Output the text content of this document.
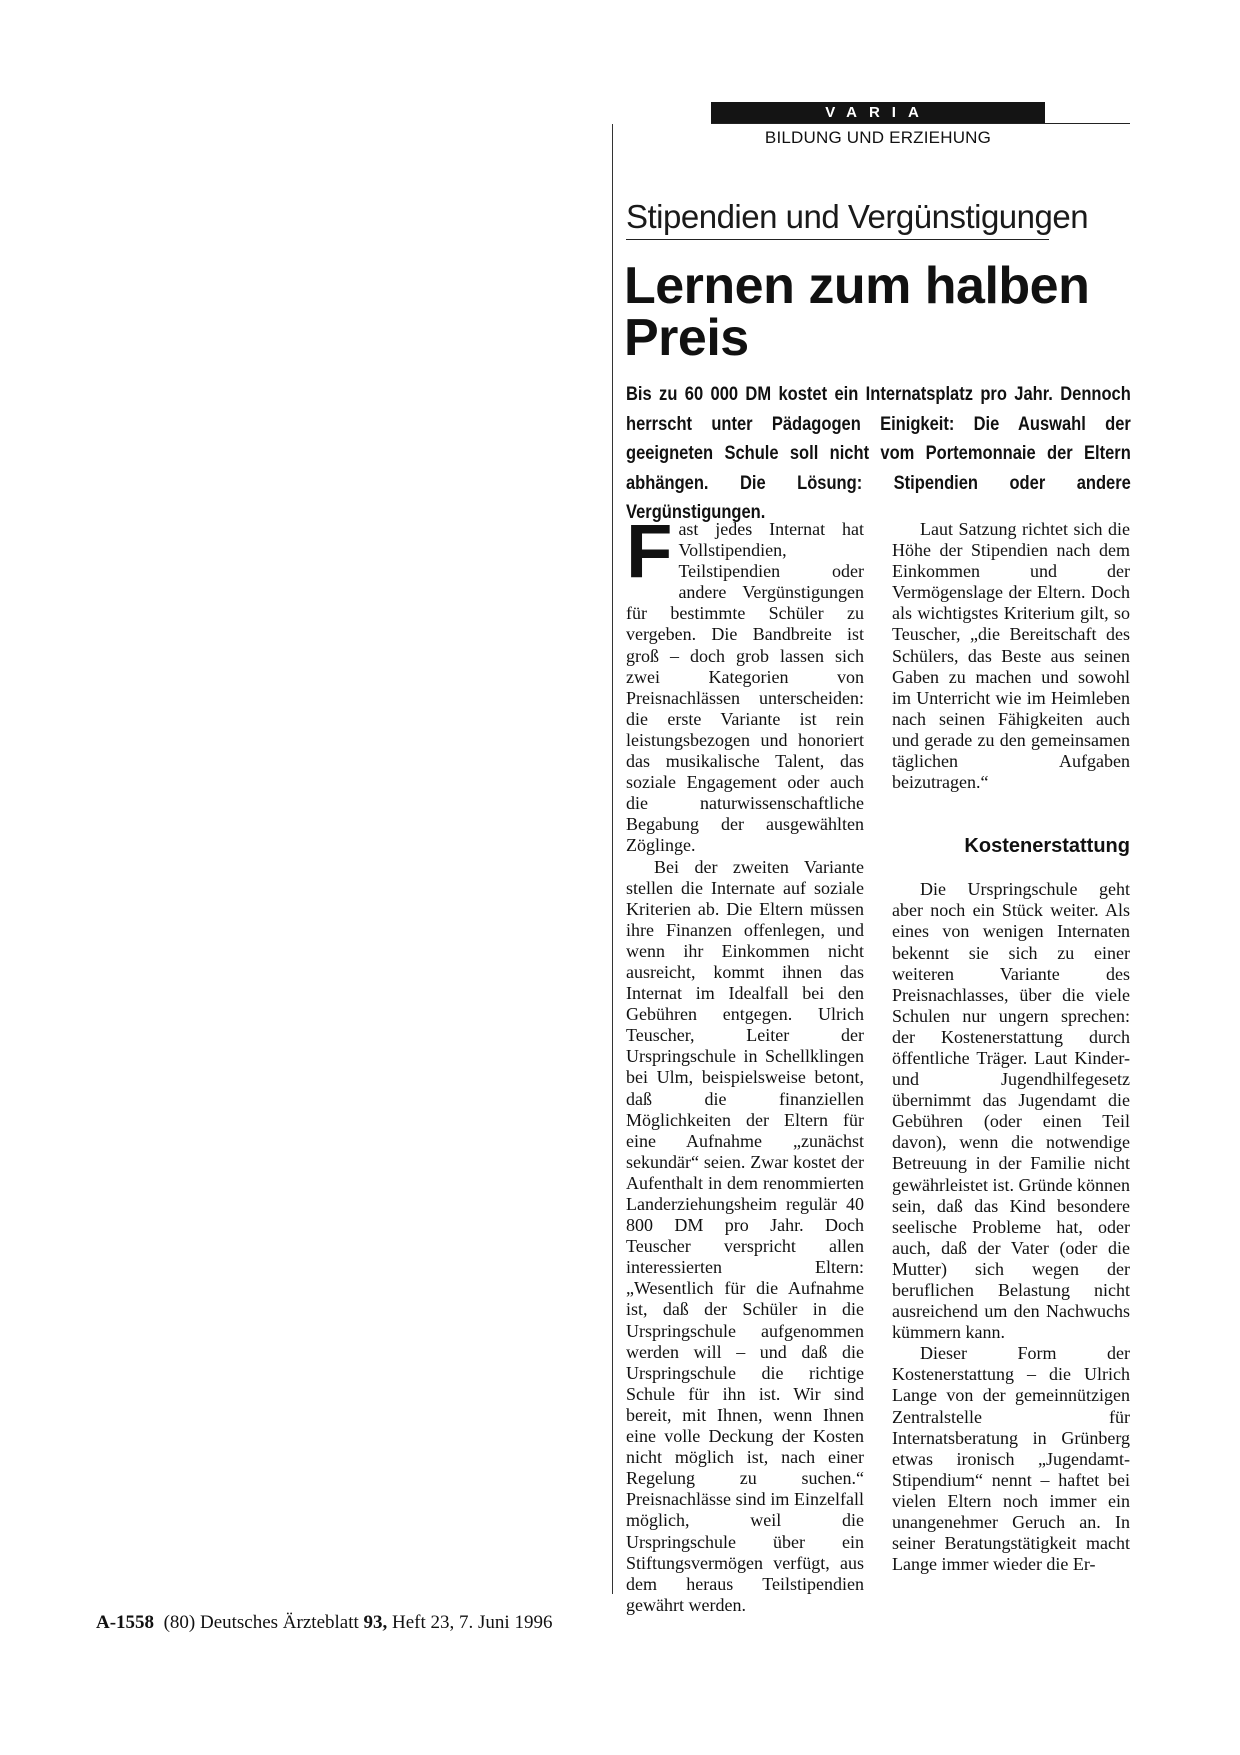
VARIA
BILDUNG UND ERZIEHUNG
Stipendien und Vergünstigungen
Lernen zum halben
Preis
Bis zu 60 000 DM kostet ein Internatsplatz pro Jahr. Dennoch herrscht unter Pädagogen Einigkeit: Die Auswahl der geeigneten Schule soll nicht vom Portemonnaie der Eltern abhängen. Die Lösung: Stipendien oder andere Vergünstigungen.

Fast jedes Internat hat Vollstipendien, Teilstipendien oder andere Vergünstigungen für bestimmte Schüler zu vergeben. Die Bandbreite ist groß – doch grob lassen sich zwei Kategorien von Preisnachlässen unterscheiden: die erste Variante ist rein leistungsbezogen und honoriert das musikalische Talent, das soziale Engagement oder auch die naturwissenschaftliche Begabung der ausgewählten Zöglinge.

Bei der zweiten Variante stellen die Internate auf soziale Kriterien ab. Die Eltern müssen ihre Finanzen offenlegen, und wenn ihr Einkommen nicht ausreicht, kommt ihnen das Internat im Idealfall bei den Gebühren entgegen. Ulrich Teuscher, Leiter der Urspringschule in Schellklingen bei Ulm, beispielsweise betont, daß die finanziellen Möglichkeiten der Eltern für eine Aufnahme „zunächst sekundär“ seien. Zwar kostet der Aufenthalt in dem renommierten Landerziehungsheim regulär 40 800 DM pro Jahr. Doch Teuscher verspricht allen interessierten Eltern: „Wesentlich für die Aufnahme ist, daß der Schüler in die Urspringschule aufgenommen werden will – und daß die Urspringschule die richtige Schule für ihn ist. Wir sind bereit, mit Ihnen, wenn Ihnen eine volle Deckung der Kosten nicht möglich ist, nach einer Regelung zu suchen.“ Preisnachlässe sind im Einzelfall möglich, weil die Urspringschule über ein Stiftungsvermögen verfügt, aus dem heraus Teilstipendien gewährt werden.

Laut Satzung richtet sich die Höhe der Stipendien nach dem Einkommen und der Vermögenslage der Eltern. Doch als wichtigstes Kriterium gilt, so Teuscher, „die Bereitschaft des Schülers, das Beste aus seinen Gaben zu machen und sowohl im Unterricht wie im Heimleben nach seinen Fähigkeiten auch und gerade zu den gemeinsamen täglichen Aufgaben beizutragen.“

Kostenerstattung

Die Urspringschule geht aber noch ein Stück weiter. Als eines von wenigen Internaten bekennt sie sich zu einer weiteren Variante des Preisnachlasses, über die viele Schulen nur ungern sprechen: der Kostenerstattung durch öffentliche Träger. Laut Kinder- und Jugendhilfegesetz übernimmt das Jugendamt die Gebühren (oder einen Teil davon), wenn die notwendige Betreuung in der Familie nicht gewährleistet ist. Gründe können sein, daß das Kind besondere seelische Probleme hat, oder auch, daß der Vater (oder die Mutter) sich wegen der beruflichen Belastung nicht ausreichend um den Nachwuchs kümmern kann.

Dieser Form der Kostenerstattung – die Ulrich Lange von der gemeinnützigen Zentralstelle für Internatsberatung in Grünberg etwas ironisch „Jugendamt-Stipendium“ nennt – haftet bei vielen Eltern noch immer ein unangenehmer Geruch an. In seiner Beratungstätigkeit macht Lange immer wieder die Er-

A-1558 (80) Deutsches Ärzteblatt 93, Heft 23, 7. Juni 1996
